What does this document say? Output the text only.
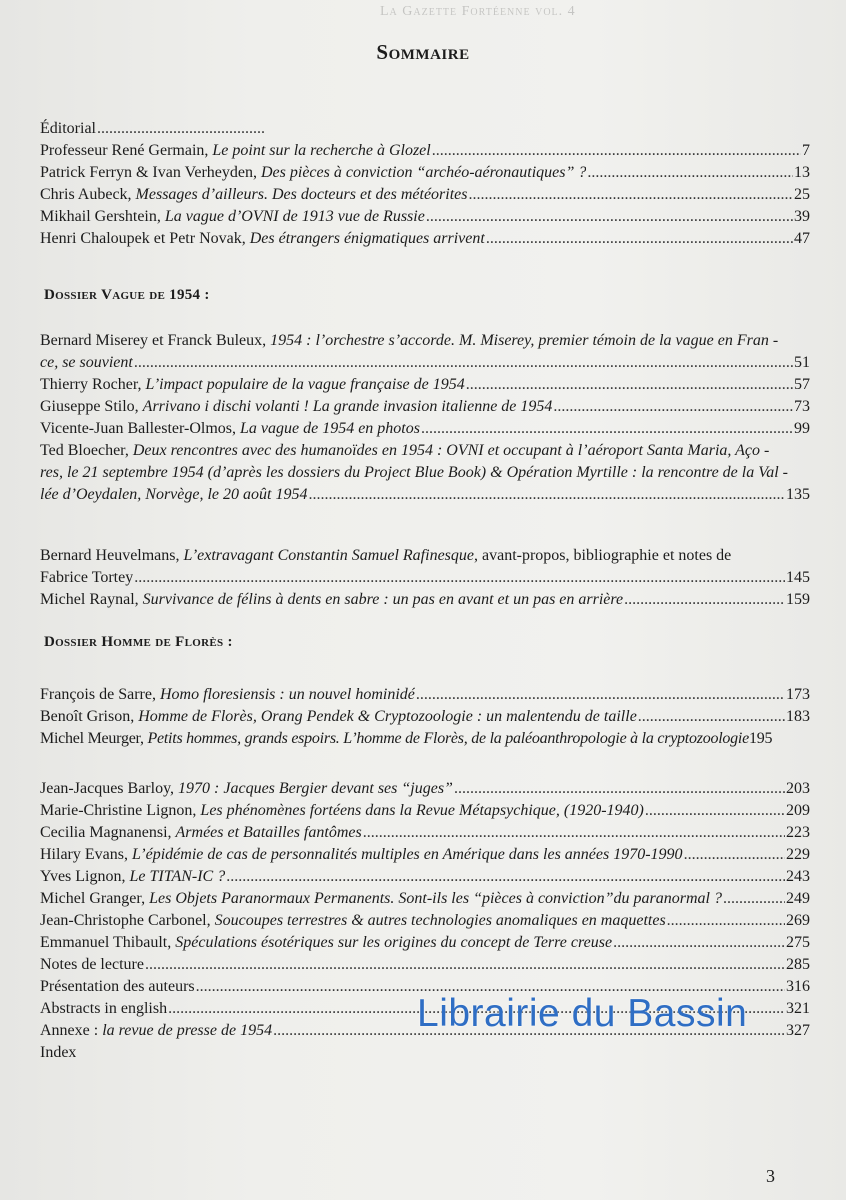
La Gazette Fortéenne vol. 4
Sommaire
Éditorial
.....
Professeur René Germain, Le point sur la recherche à Glozel .....	7
Patrick Ferryn & Ivan Verheyden, Des pièces à conviction “archéo-aéronautiques” ? .....	13
Chris Aubeck, Messages d’ailleurs. Des docteurs et des météorites .....	25
Mikhail Gershtein, La vague d’OVNI de 1913 vue de Russie .....	39
Henri Chaloupek et Petr Novak, Des étrangers énigmatiques arrivent .....	47
Dossier Vague de 1954 :
Bernard Miserey et Franck Buleux, 1954 : l’orchestre s’accorde. M. Miserey, premier témoin de la vague en Fran -
ce, se souvient .....	51
Thierry Rocher, L’impact populaire de la vague française de 1954 .....	57
Giuseppe Stilo, Arrivano i dischi volanti ! La grande invasion italienne de 1954 .....	73
Vicente-Juan Ballester-Olmos, La vague de 1954 en photos .....	99
Ted Bloecher, Deux rencontres avec des humanoïdes en 1954 : OVNI et occupant à l’aéroport Santa Maria, Aço -
res, le 21 septembre 1954 (d’après les dossiers du Project Blue Book) & Opération Myrtille : la rencontre de la Val -
lée d’Oeydalen, Norvège, le 20 août 1954 .....	135
Bernard Heuvelmans, L’extravagant Constantin Samuel Rafinesque, avant-propos, bibliographie et notes de
Fabrice Tortey .....	145
Michel Raynal, Survivance de félins à dents en sabre : un pas en avant et un pas en arrière .....	159
Dossier Homme de Florès :
François de Sarre, Homo floresiensis : un nouvel hominidé .....	173
Benoît Grison, Homme de Florès, Orang Pendek & Cryptozoologie : un malentendu de taille .....	183
Michel Meurger, Petits hommes, grands espoirs. L’homme de Florès, de la paléoanthropologie à la cryptozoologie 195
Jean-Jacques Barloy, 1970 : Jacques Bergier devant ses “juges” .....	203
Marie-Christine Lignon, Les phénomènes fortéens dans la Revue Métapsychique, (1920-1940) .....	209
Cecilia Magnanensi, Armées et Batailles fantômes .....	223
Hilary Evans, L’épidémie de cas de personnalités multiples en Amérique dans les années 1970-1990 .....	229
Yves Lignon, Le TITAN-IC ? .....	243
Michel Granger, Les Objets Paranormaux Permanents. Sont-ils les “pièces à conviction”du paranormal ? .....	249
Jean-Christophe Carbonel, Soucoupes terrestres & autres technologies anomaliques en maquettes .....	269
Emmanuel Thibault, Spéculations ésotériques sur les origines du concept de Terre creuse .....	275
Notes de lecture .....	285
Présentation des auteurs .....	316
Abstracts in english .....	321
Annexe : la revue de presse de 1954 .....	327
Index
Librairie du Bassin
3
